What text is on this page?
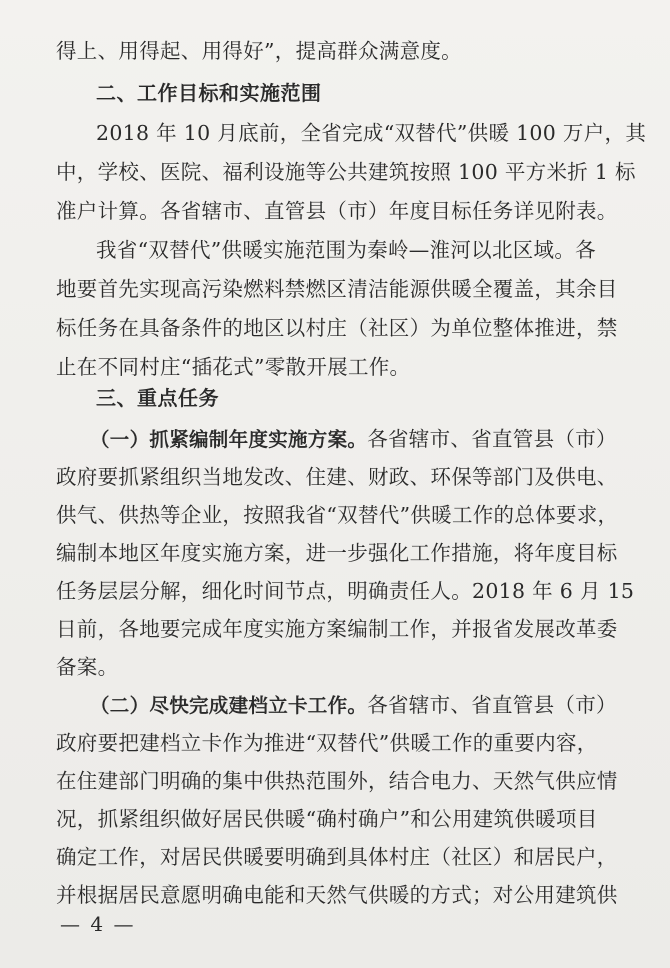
得上、用得起、用得好”，提高群众满意度。

二、工作目标和实施范围

2018 年 10 月底前，全省完成“双替代”供暖 100 万户，其

中，学校、医院、福利设施等公共建筑按照 100 平方米折 1 标

准户计算。各省辖市、直管县（市）年度目标任务详见附表。

我省“双替代”供暖实施范围为秦岭—淮河以北区域。各

地要首先实现高污染燃料禁燃区清洁能源供暖全覆盖，其余目

标任务在具备条件的地区以村庄（社区）为单位整体推进，禁

止在不同村庄“插花式”零散开展工作。

三、重点任务

（一）抓紧编制年度实施方案。各省辖市、省直管县（市）

政府要抓紧组织当地发改、住建、财政、环保等部门及供电、

供气、供热等企业，按照我省“双替代”供暖工作的总体要求，

编制本地区年度实施方案，进一步强化工作措施，将年度目标

任务层层分解，细化时间节点，明确责任人。2018 年 6 月 15

日前，各地要完成年度实施方案编制工作，并报省发展改革委

备案。

（二）尽快完成建档立卡工作。各省辖市、省直管县（市）

政府要把建档立卡作为推进“双替代”供暖工作的重要内容，

在住建部门明确的集中供热范围外，结合电力、天然气供应情

况，抓紧组织做好居民供暖“确村确户”和公用建筑供暖项目

确定工作，对居民供暖要明确到具体村庄（社区）和居民户，

并根据居民意愿明确电能和天然气供暖的方式；对公用建筑供

— 4 —
